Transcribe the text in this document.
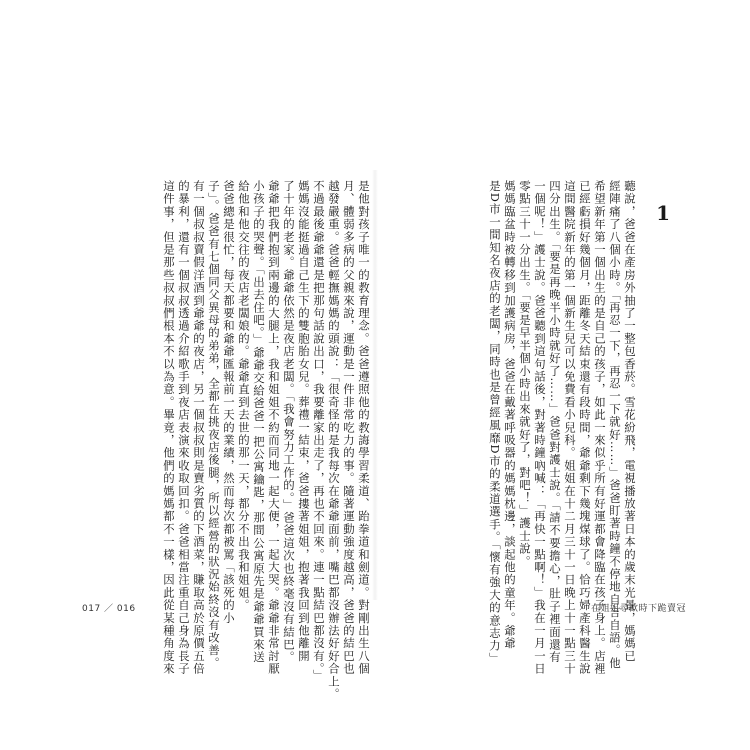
聽說，爸爸在產房外抽了一整包香菸。雪花紛飛，電視播放著日本的歲末光景，媽媽已
經陣痛了八個小時。「再忍一下，再忍一下就好……」爸爸盯著時鐘不停地自言自語。他
希望新年第一個出生的是自己的孩子，如此一來似乎所有好運都會降臨在孩子身上。店裡
已經虧損好幾個月，距離冬天結束還有段時間，爺爺剩下幾塊煤球了。恰巧婦產科醫生說
這間醫院新年的第一個新生兒可以免費看小兒科。姐姐在十二月三十一日晚上十一點三十
四分出生。「要是再晚半小時就好了……」爸爸對護士說。「請不要擔心，肚子裡面還有
一個呢！」護士說。爸爸聽到這句話後，對著時鐘吶喊：「再快一點啊！」我在一月一日
零點三十一分出生。「要是早半個小時出來就好了，對吧！」護士說。
媽媽臨盆時被轉移到加護病房，爸爸在戴著呼吸器的媽媽枕邊，談起他的童年。爺爺
是D市一間知名夜店的老闆，同時也是曾經風靡D市的柔道選手。「懷有強大的意志力」	1
是他對孩子唯一的教育理念。爸爸遵照他的教誨學習柔道、跆拳道和劍道。對剛出生八個
月、體弱多病的父親來說，運動是一件非常吃力的事。隨著運動強度越高，爸爸的結巴也
越發嚴重。爸爸輕撫媽媽的頭說：「很奇怪的是我每次在爺爺面前，嘴巴都沒辦法好好合上。
不過最後爺爺還是把那句話說出口，我要離家出走了，再也不回來。連一點結巴都沒有。」
媽媽沒能挺過自己生下的雙胞胎女兒。葬禮一結束，爸爸摟著姐姐，抱著我回到他離開
了十年的老家。爺爺依然是夜店老闆。「我會努力工作的。」爸爸這次也終毫沒有結巴。
爺爺把我們抱到兩邊的大腿上，我和姐姐不約而同地一起大便，一起大哭。爺爺非常討厭
小孩子的哭聲。「出去住吧。」爺爺交給爸爸一把公寓鑰匙，那間公寓原先是爺爺買來送
給他和他交往的夜店老闆娘的。爺爺直到去世的那一天，都分不出我和姐姐。
爸爸總是很忙，每天都要和爺爺匯報前一天的業績，然而每次都被罵「該死的小
子」。爸爸有七個同父異母的弟弟，全都在挑夜店後腿，所以經營的狀況始終沒有改善。
有一個叔叔賣假洋酒到爺爺的夜店，另一個叔叔則是賣劣質的下酒菜，賺取高於原價五倍
的暴利，還有一個叔叔透過介紹歌手到夜店表演來收取回扣。爸爸相當注重自己身為長子
這件事，但是那些叔叔們根本不以為意。畢竟，他們的媽媽都不一樣，因此從某種角度來
017 ／ 016	在姐姐尋歡時下跪賣冠
